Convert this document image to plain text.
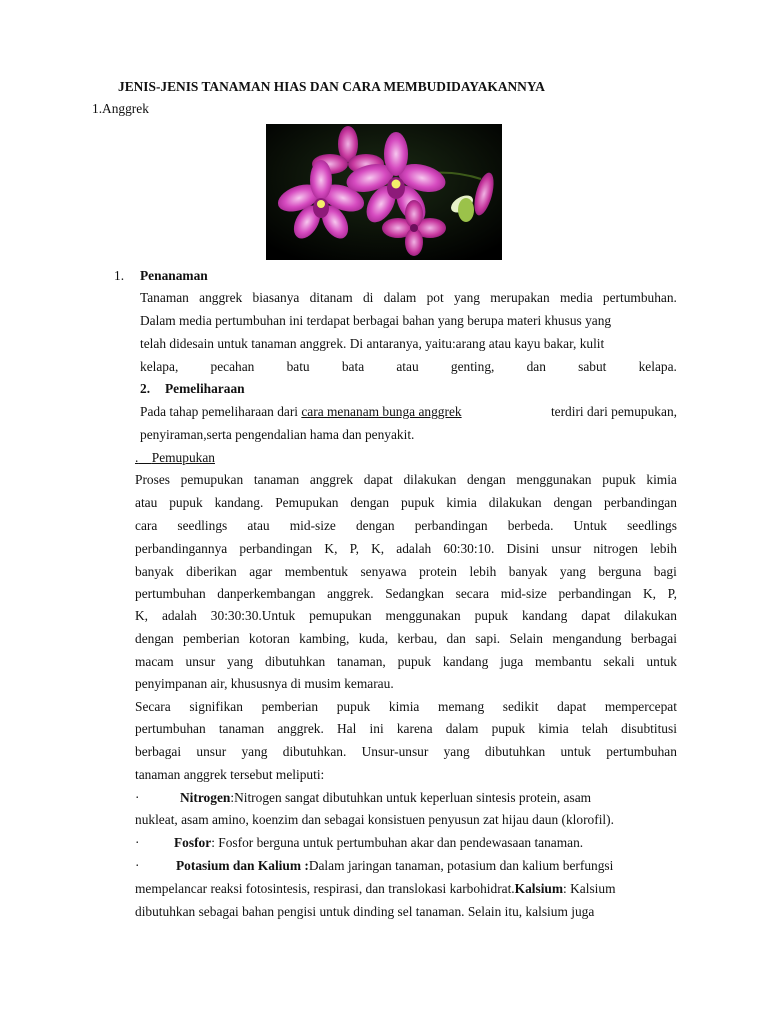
JENIS-JENIS TANAMAN HIAS DAN CARA MEMBUDIDAYAKANNYA
1.Anggrek
1. Penanaman
Tanaman anggrek biasanya ditanam di dalam pot yang merupakan media pertumbuhan.
Dalam media pertumbuhan ini terdapat berbagai bahan yang berupa materi khusus yang
telah didesain untuk tanaman anggrek. Di antaranya, yaitu:arang atau kayu bakar, kulit
kelapa, pecahan batu bata atau genting, dan sabut kelapa.
2. Pemeliharaan
Pada tahap pemeliharaan dari cara menanam bunga anggrek	terdiri dari pemupukan,
penyiraman,serta pengendalian hama dan penyakit.
. Pemupukan
Proses pemupukan tanaman anggrek dapat dilakukan dengan menggunakan pupuk kimia
atau pupuk kandang. Pemupukan dengan pupuk kimia dilakukan dengan perbandingan
cara seedlings atau mid-size dengan perbandingan berbeda. Untuk seedlings
perbandingannya perbandingan K, P, K, adalah 60:30:10. Disini unsur nitrogen lebih
banyak diberikan agar membentuk senyawa protein lebih banyak yang berguna bagi
pertumbuhan danperkembangan anggrek. Sedangkan secara mid-size perbandingan K, P,
K, adalah 30:30:30.Untuk pemupukan menggunakan pupuk kandang dapat dilakukan
dengan pemberian kotoran kambing, kuda, kerbau, dan sapi. Selain mengandung berbagai
macam unsur yang dibutuhkan tanaman, pupuk kandang juga membantu sekali untuk
penyimpanan air, khususnya di musim kemarau.
Secara signifikan pemberian pupuk kimia memang sedikit dapat mempercepat
pertumbuhan tanaman anggrek. Hal ini karena dalam pupuk kimia telah disubtitusi
berbagai unsur yang dibutuhkan. Unsur-unsur yang dibutuhkan untuk pertumbuhan
tanaman anggrek tersebut meliputi:
·	Nitrogen :Nitrogen sangat dibutuhkan untuk keperluan sintesis protein, asam
nukleat, asam amino, koenzim dan sebagai konsistuen penyusun zat hijau daun (klorofil).
·	Fosfor: Fosfor berguna untuk pertumbuhan akar dan pendewasaan tanaman.
·	Potasium dan Kalium :Dalam jaringan tanaman, potasium dan kalium berfungsi
mempelancar reaksi fotosintesis, respirasi, dan translokasi karbohidrat.Kalsium: Kalsium
dibutuhkan sebagai bahan pengisi untuk dinding sel tanaman. Selain itu, kalsium juga
